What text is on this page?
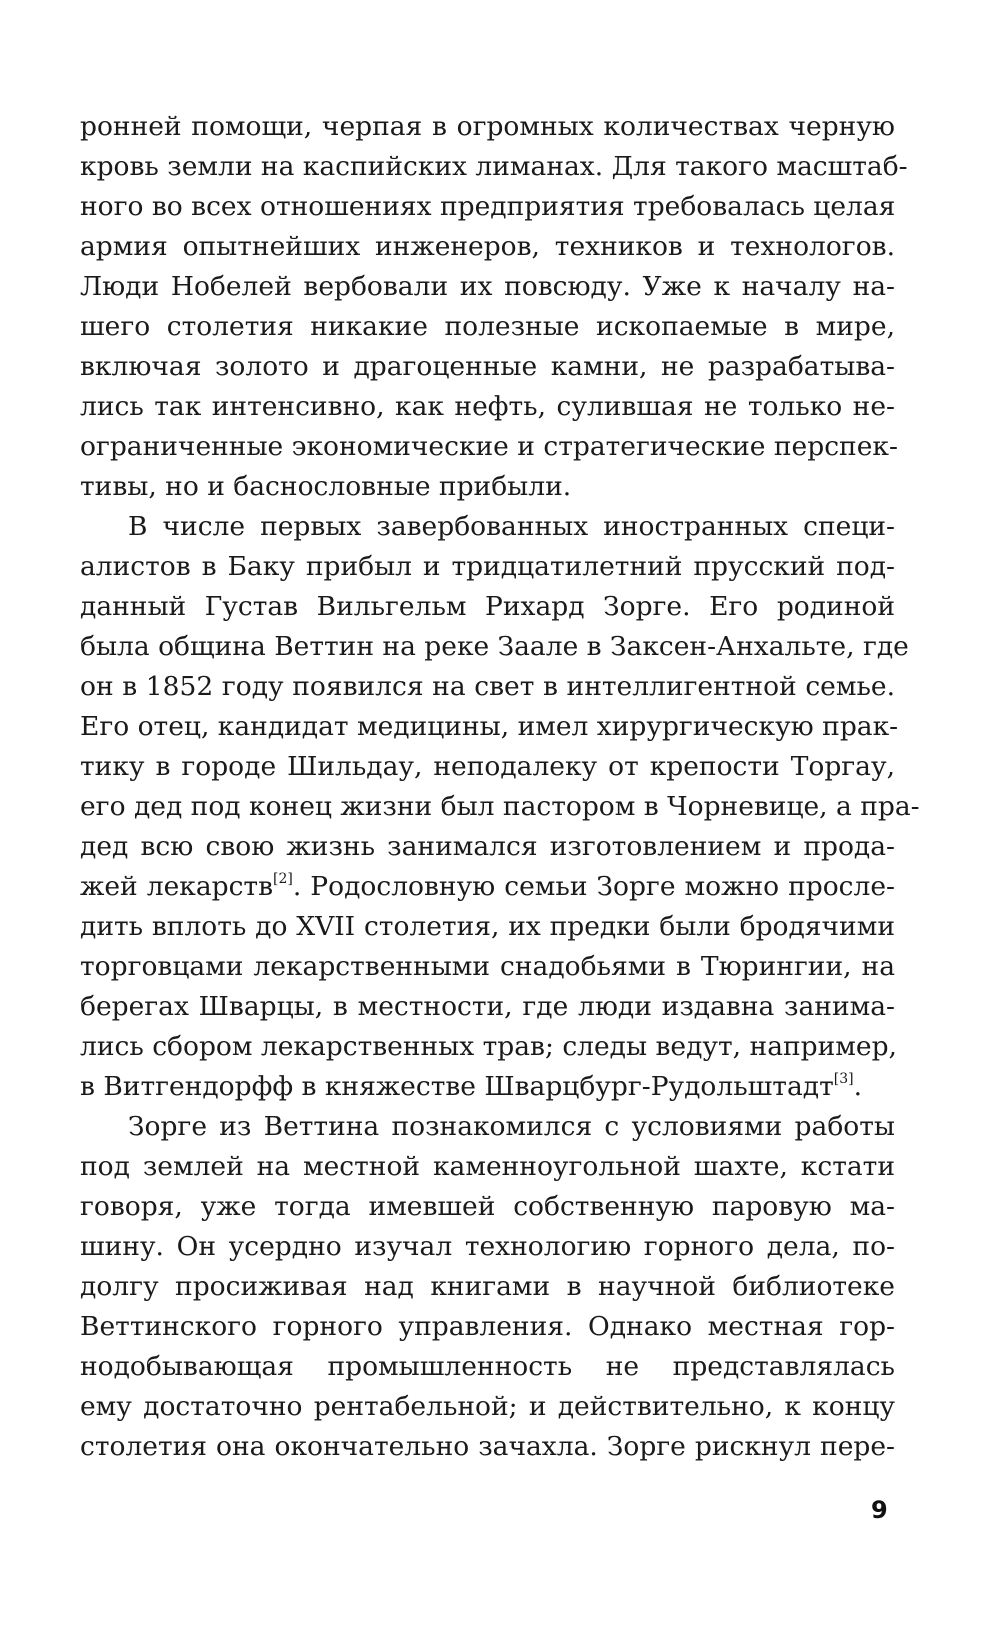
ронней помощи, черпая в огромных количествах черную
кровь земли на каспийских лиманах. Для такого масштаб-
ного во всех отношениях предприятия требовалась целая
армия опытнейших инженеров, техников и технологов.
Люди Нобелей вербовали их повсюду. Уже к началу на-
шего столетия никакие полезные ископаемые в мире,
включая золото и драгоценные камни, не разрабатыва-
лись так интенсивно, как нефть, сулившая не только не-
ограниченные экономические и стратегические перспек-
тивы, но и баснословные прибыли.
В числе первых завербованных иностранных специ-
алистов в Баку прибыл и тридцатилетний прусский под-
данный Густав Вильгельм Рихард Зорге. Его родиной
была община Веттин на реке Заале в Заксен-Анхальте, где
он в 1852 году появился на свет в интеллигентной семье.
Его отец, кандидат медицины, имел хирургическую прак-
тику в городе Шильдау, неподалеку от крепости Торгау,
его дед под конец жизни был пастором в Чорневице, а пра-
дед всю свою жизнь занимался изготовлением и прода-
жей лекарств[2]. Родословную семьи Зорге можно просле-
дить вплоть до XVII столетия, их предки были бродячими
торговцами лекарственными снадобьями в Тюрингии, на
берегах Шварцы, в местности, где люди издавна занима-
лись сбором лекарственных трав; следы ведут, например,
в Витгендорфф в княжестве Шварцбург-Рудольштадт[3].
Зорге из Веттина познакомился с условиями работы
под землей на местной каменноугольной шахте, кстати
говоря, уже тогда имевшей собственную паровую ма-
шину. Он усердно изучал технологию горного дела, по-
долгу просиживая над книгами в научной библиотеке
Веттинского горного управления. Однако местная гор-
нодобывающая промышленность не представлялась
ему достаточно рентабельной; и действительно, к концу
столетия она окончательно зачахла. Зорге рискнул пере-
9
